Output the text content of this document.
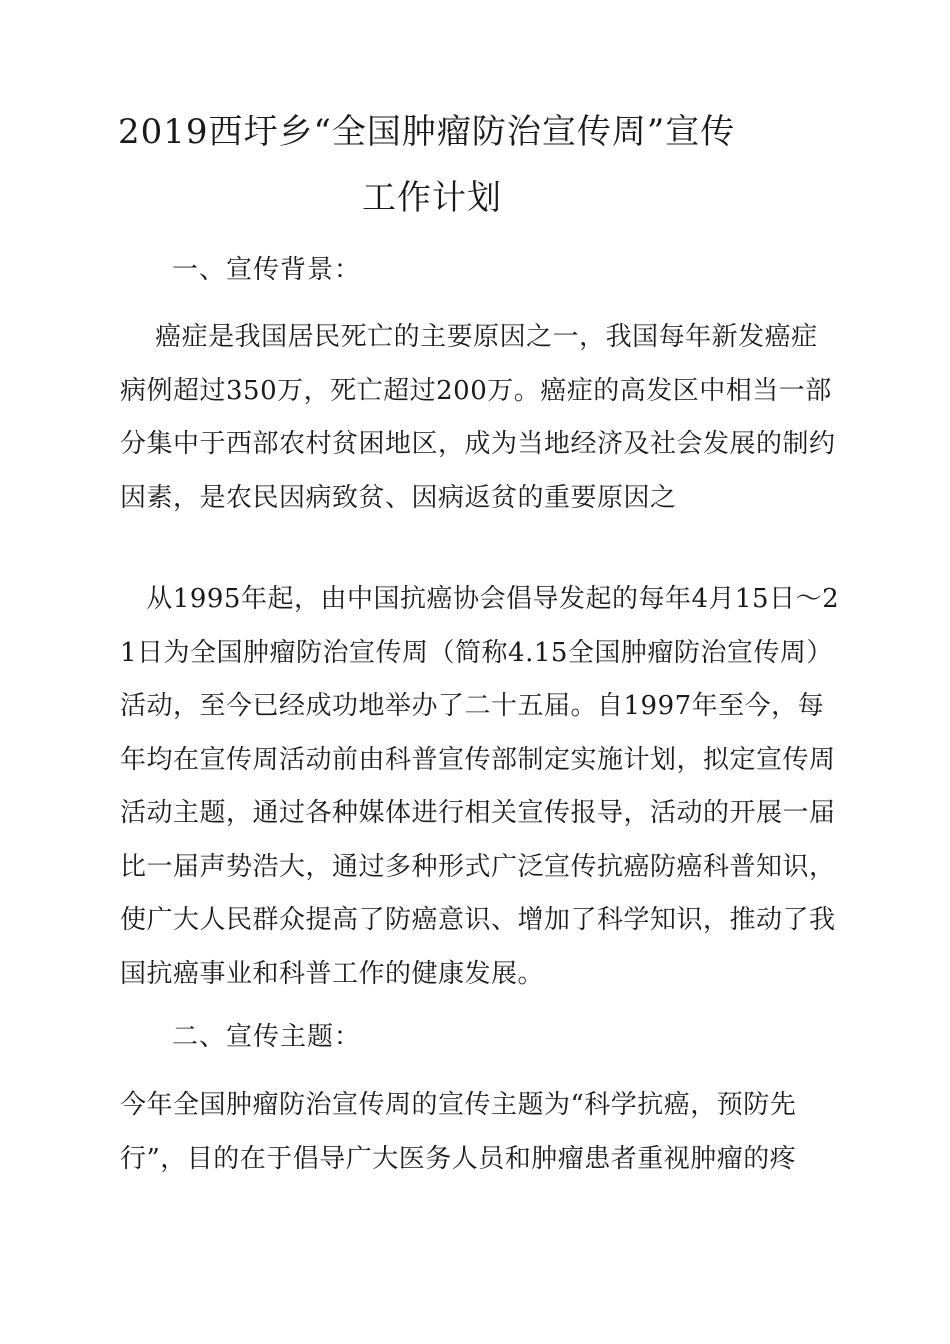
2019西圩乡“全国肿瘤防治宣传周”宣传
工作计划
一、宣传背景：
癌症是我国居民死亡的主要原因之一，我国每年新发癌症病例超过350万，死亡超过200万。癌症的高发区中相当一部分集中于西部农村贫困地区，成为当地经济及社会发展的制约因素，是农民因病致贫、因病返贫的重要原因之
从1995年起，由中国抗癌协会倡导发起的每年4月15日～21日为全国肿瘤防治宣传周（简称4.15全国肿瘤防治宣传周）活动，至今已经成功地举办了二十五届。自1997年至今，每年均在宣传周活动前由科普宣传部制定实施计划，拟定宣传周活动主题，通过各种媒体进行相关宣传报导，活动的开展一届比一届声势浩大，通过多种形式广泛宣传抗癌防癌科普知识，使广大人民群众提高了防癌意识、增加了科学知识，推动了我国抗癌事业和科普工作的健康发展。
二、宣传主题：
今年全国肿瘤防治宣传周的宣传主题为“科学抗癌，预防先行”，目的在于倡导广大医务人员和肿瘤患者重视肿瘤的疼
